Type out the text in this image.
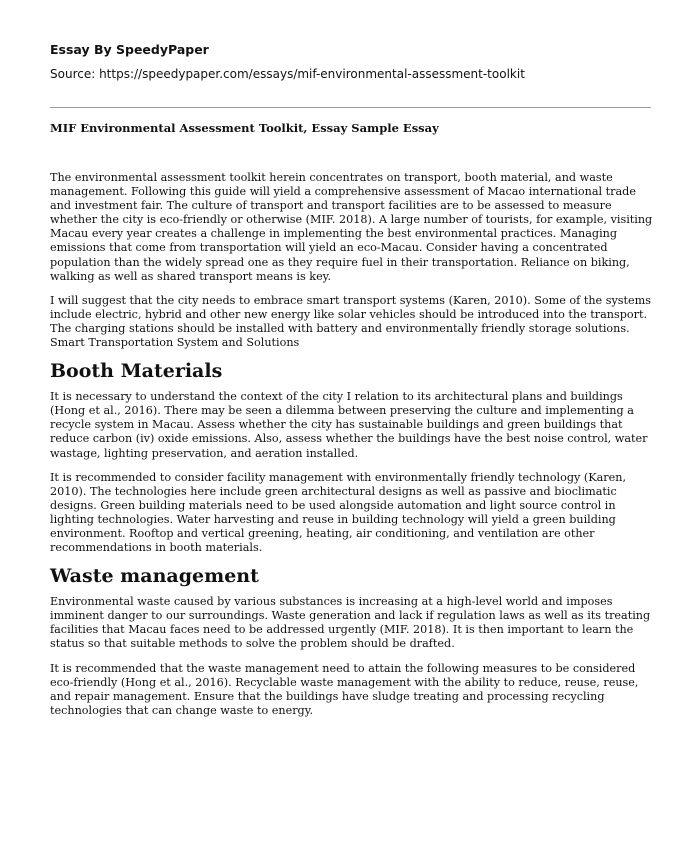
Essay By SpeedyPaper

Source: https://speedypaper.com/essays/mif-environmental-assessment-toolkit

MIF Environmental Assessment Toolkit, Essay Sample Essay

The environmental assessment toolkit herein concentrates on transport, booth material, and waste management. Following this guide will yield a comprehensive assessment of Macao international trade and investment fair. The culture of transport and transport facilities are to be assessed to measure whether the city is eco-friendly or otherwise (MIF. 2018). A large number of tourists, for example, visiting Macau every year creates a challenge in implementing the best environmental practices. Managing emissions that come from transportation will yield an eco-Macau. Consider having a concentrated population than the widely spread one as they require fuel in their transportation. Reliance on biking, walking as well as shared transport means is key.

I will suggest that the city needs to embrace smart transport systems (Karen, 2010). Some of the systems include electric, hybrid and other new energy like solar vehicles should be introduced into the transport. The charging stations should be installed with battery and environmentally friendly storage solutions. Smart Transportation System and Solutions

Booth Materials

It is necessary to understand the context of the city I relation to its architectural plans and buildings (Hong et al., 2016). There may be seen a dilemma between preserving the culture and implementing a recycle system in Macau. Assess whether the city has sustainable buildings and green buildings that reduce carbon (iv) oxide emissions. Also, assess whether the buildings have the best noise control, water wastage, lighting preservation, and aeration installed.

It is recommended to consider facility management with environmentally friendly technology (Karen, 2010). The technologies here include green architectural designs as well as passive and bioclimatic designs. Green building materials need to be used alongside automation and light source control in lighting technologies. Water harvesting and reuse in building technology will yield a green building environment. Rooftop and vertical greening, heating, air conditioning, and ventilation are other recommendations in booth materials.

Waste management

Environmental waste caused by various substances is increasing at a high-level world and imposes imminent danger to our surroundings. Waste generation and lack if regulation laws as well as its treating facilities that Macau faces need to be addressed urgently (MIF. 2018). It is then important to learn the status so that suitable methods to solve the problem should be drafted.

It is recommended that the waste management need to attain the following measures to be considered eco-friendly (Hong et al., 2016). Recyclable waste management with the ability to reduce, reuse, reuse, and repair management. Ensure that the buildings have sludge treating and processing recycling technologies that can change waste to energy.
